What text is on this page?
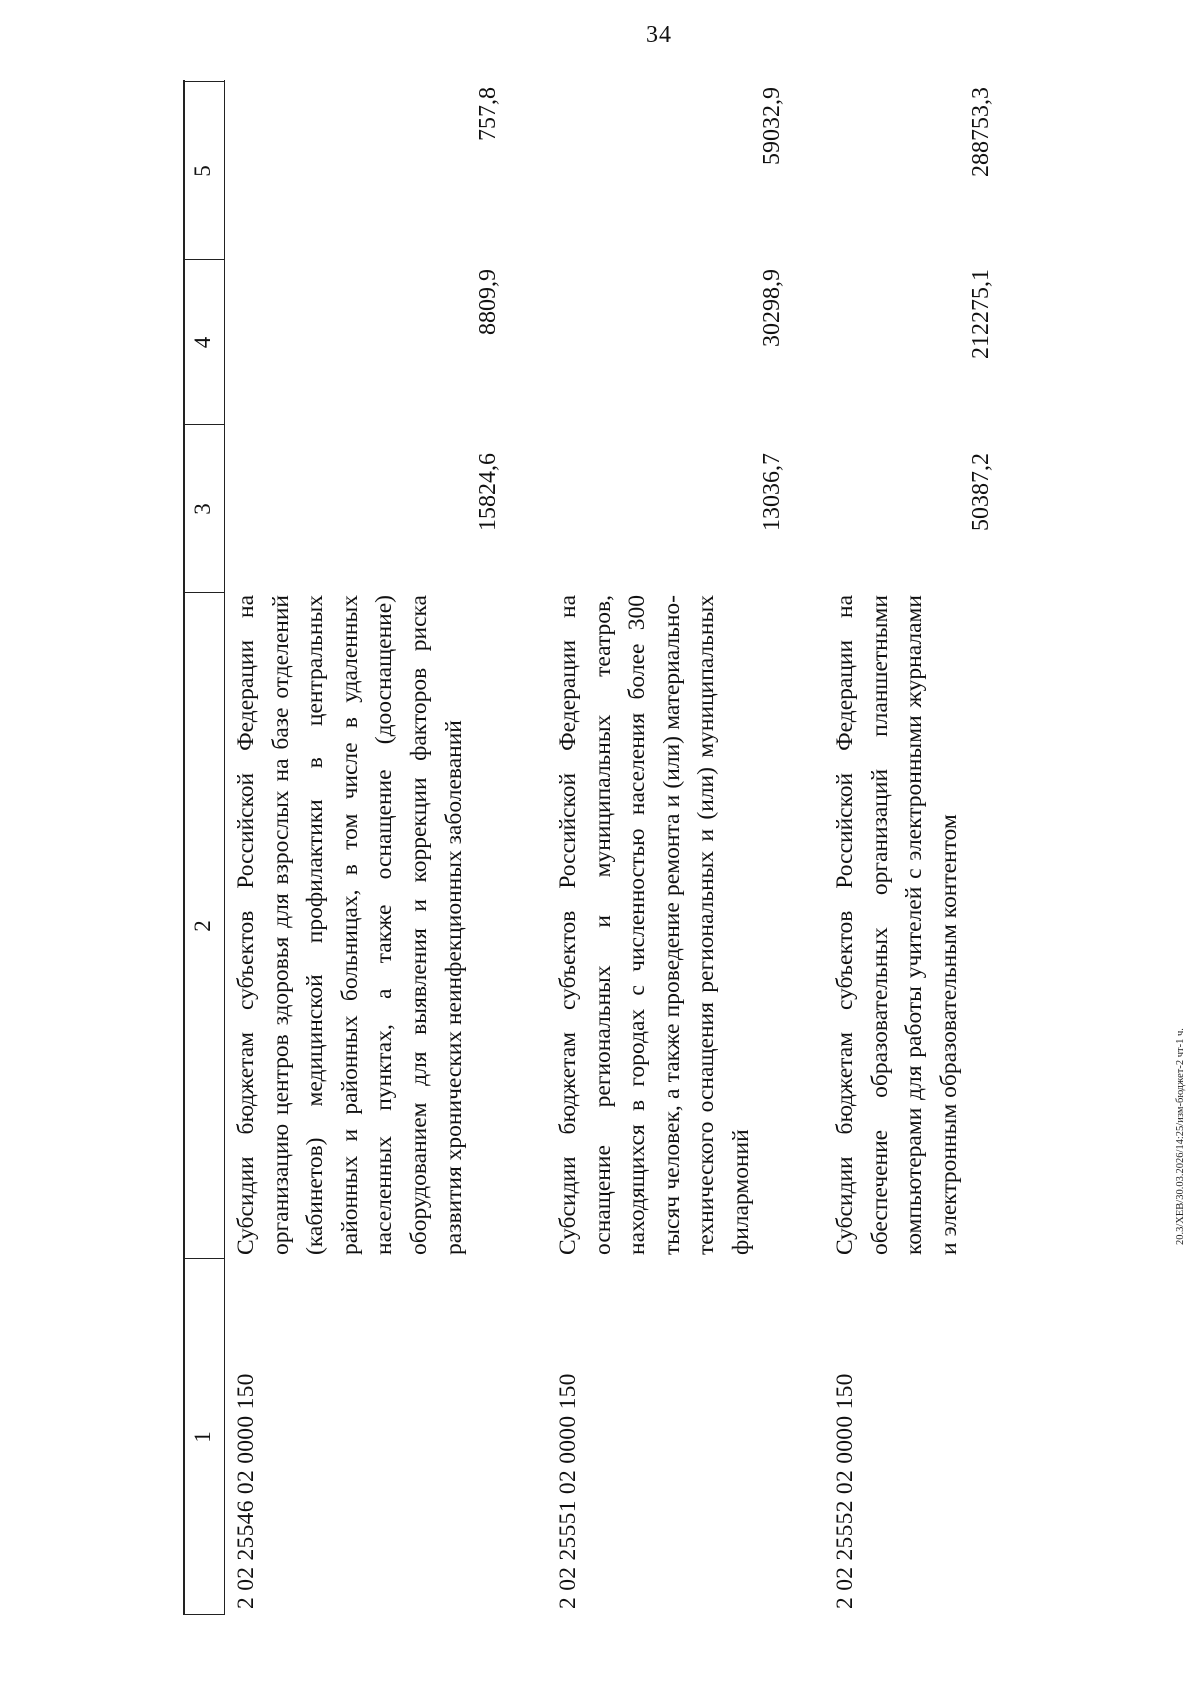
34
20.3/ХЕВ/30.03.2026/14:25/изм-бюджет-2 чт-1 ч.
1
2
3
4
5
2 02 25546 02 0000 150
Субсидии бюджетам субъектов Российской Федерации на организацию центров здоровья для взрослых на базе отделений (кабинетов) медицинской профилактики в центральных районных и районных больницах, в том числе в удаленных населенных пунктах, а также оснащение (дооснащение) оборудованием для выявления и коррекции факторов риска развития хронических неинфекционных заболеваний
15824,6
8809,9
757,8
2 02 25551 02 0000 150
Субсидии бюджетам субъектов Российской Федерации на оснащение региональных и муниципальных театров, находящихся в городах с численностью населения более 300 тысяч человек, а также проведение ремонта и (или) материально-технического оснащения региональных и (или) муниципальных филармоний
13036,7
30298,9
59032,9
2 02 25552 02 0000 150
Субсидии бюджетам субъектов Российской Федерации на обеспечение образовательных организаций планшетными компьютерами для работы учителей с электронными журналами и электронным образовательным контентом
50387,2
212275,1
288753,3
